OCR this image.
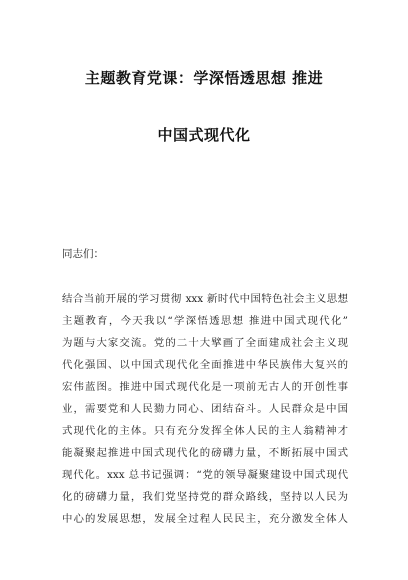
主题教育党课：学深悟透思想 推进
中国式现代化
同志们：
结合当前开展的学习贯彻 xxx 新时代中国特色社会主义思想
主题教育，今天我以“学深悟透思想 推进中国式现代化”
为题与大家交流。党的二十大擘画了全面建成社会主义现
代化强国、以中国式现代化全面推进中华民族伟大复兴的
宏伟蓝图。推进中国式现代化是一项前无古人的开创性事
业，需要党和人民勠力同心、团结奋斗。人民群众是中国
式现代化的主体。只有充分发挥全体人民的主人翁精神才
能凝聚起推进中国式现代化的磅礴力量，不断拓展中国式
现代化。xxx 总书记强调：“党的领导凝聚建设中国式现代
化的磅礴力量，我们党坚持党的群众路线，坚持以人民为
中心的发展思想，发展全过程人民民主，充分激发全体人
